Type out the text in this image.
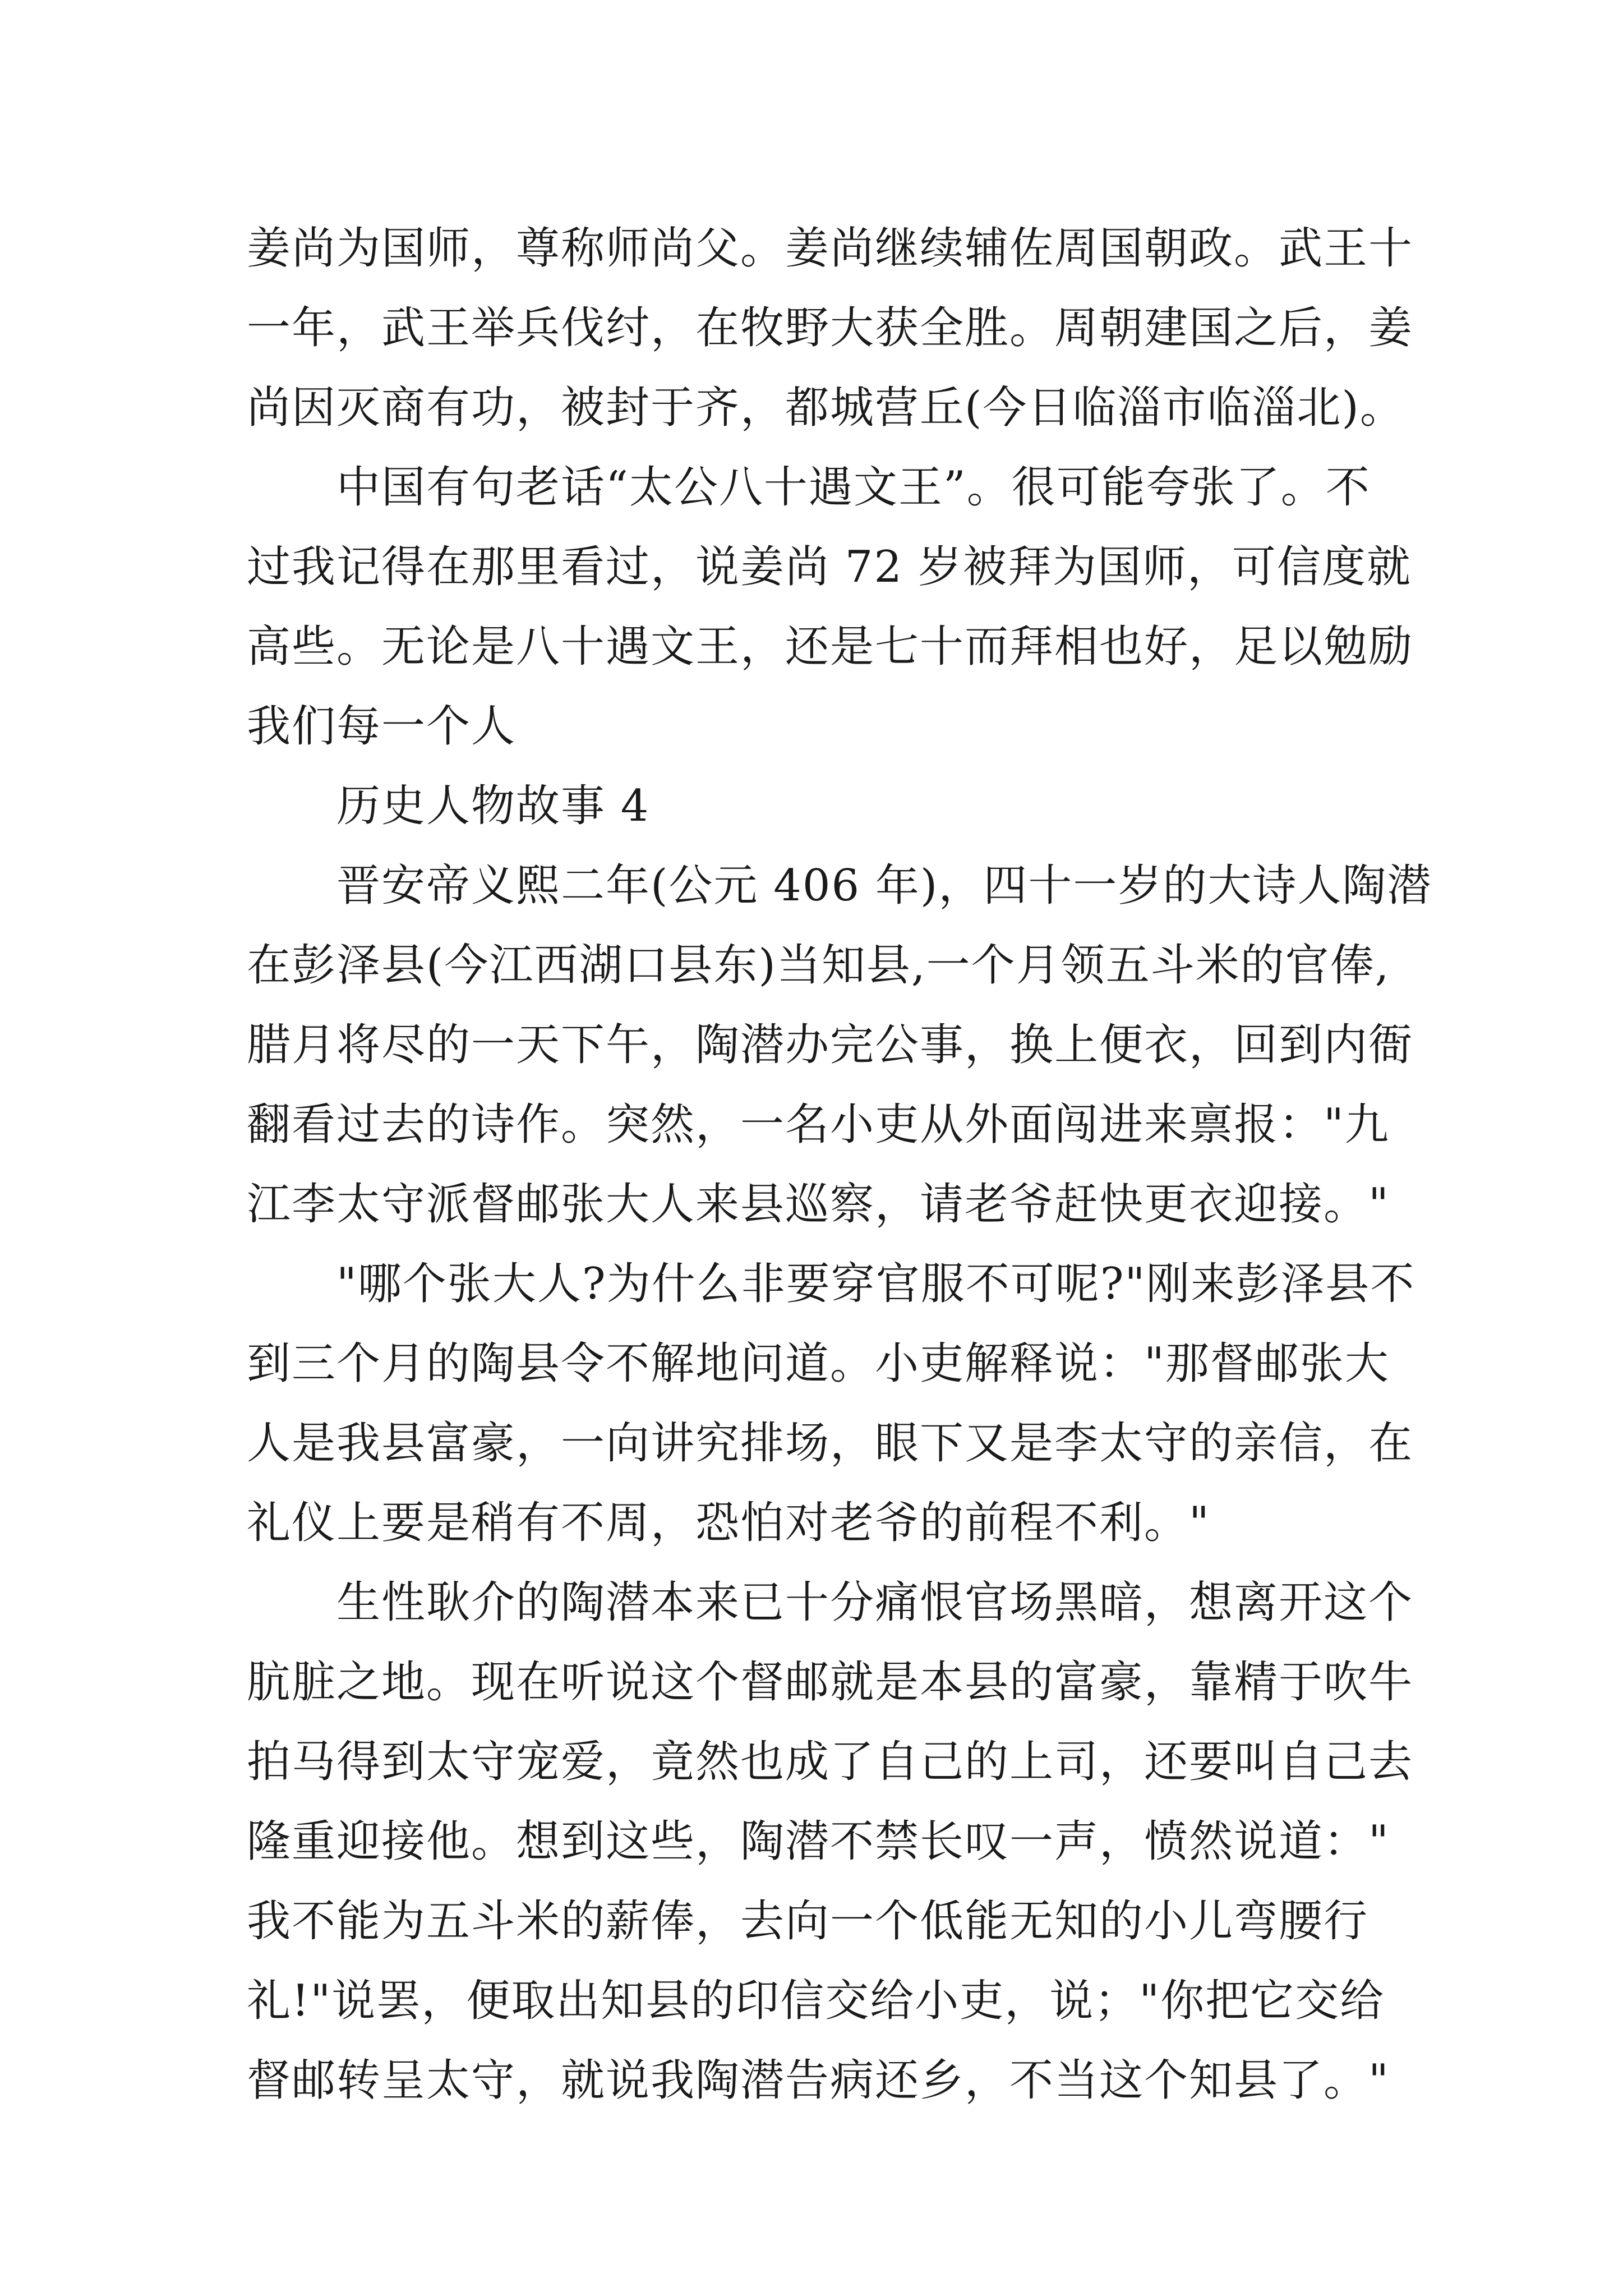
姜尚为国师，尊称师尚父。姜尚继续辅佐周国朝政。武王十
一年，武王举兵伐纣，在牧野大获全胜。周朝建国之后，姜
尚因灭商有功，被封于齐，都城营丘(今日临淄市临淄北)。
中国有句老话“太公八十遇文王”。很可能夸张了。不
过我记得在那里看过，说姜尚 72 岁被拜为国师，可信度就
高些。无论是八十遇文王，还是七十而拜相也好，足以勉励
我们每一个人
历史人物故事 4
晋安帝义熙二年(公元 406 年)，四十一岁的大诗人陶潜
在彭泽县(今江西湖口县东)当知县,一个月领五斗米的官俸,
腊月将尽的一天下午，陶潜办完公事，换上便衣，回到内衙
翻看过去的诗作。突然，一名小吏从外面闯进来禀报："九
江李太守派督邮张大人来县巡察，请老爷赶快更衣迎接。"
"哪个张大人?为什么非要穿官服不可呢?"刚来彭泽县不
到三个月的陶县令不解地问道。小吏解释说："那督邮张大
人是我县富豪，一向讲究排场，眼下又是李太守的亲信，在
礼仪上要是稍有不周，恐怕对老爷的前程不利。"
生性耿介的陶潜本来已十分痛恨官场黑暗，想离开这个
肮脏之地。现在听说这个督邮就是本县的富豪，靠精于吹牛
拍马得到太守宠爱，竟然也成了自己的上司，还要叫自己去
隆重迎接他。想到这些，陶潜不禁长叹一声，愤然说道："
我不能为五斗米的薪俸，去向一个低能无知的小儿弯腰行
礼!"说罢，便取出知县的印信交给小吏，说；"你把它交给
督邮转呈太守，就说我陶潜告病还乡，不当这个知县了。"
